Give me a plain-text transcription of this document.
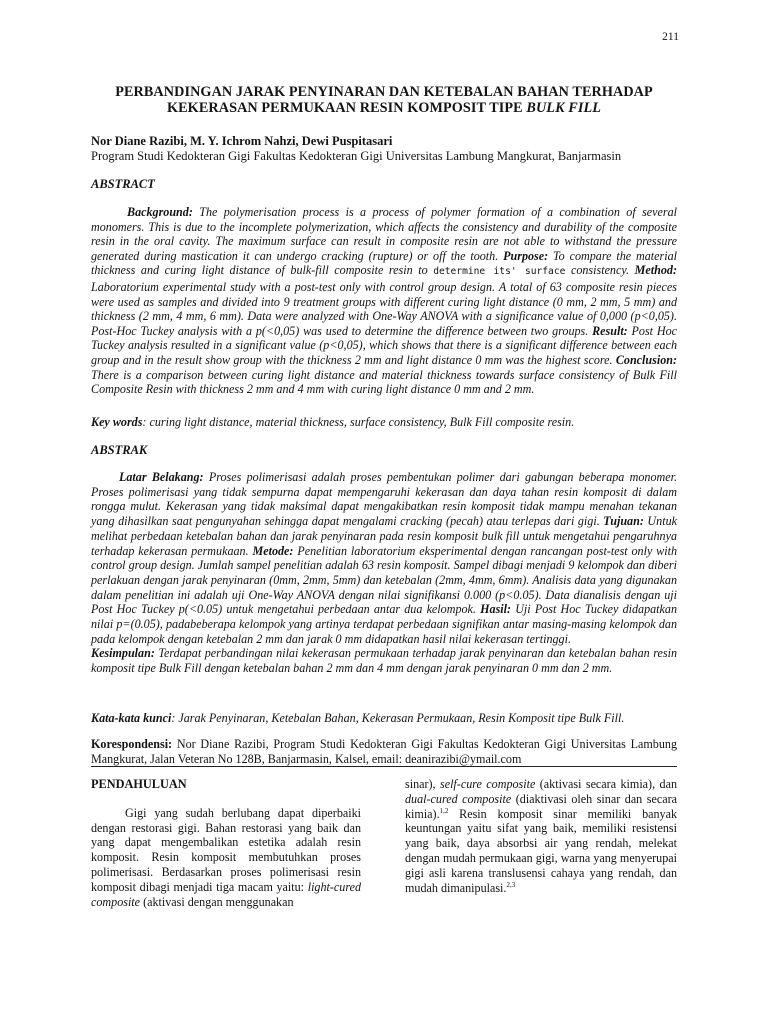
211
PERBANDINGAN JARAK PENYINARAN DAN KETEBALAN BAHAN TERHADAP
KEKERASAN PERMUKAAN RESIN KOMPOSIT TIPE BULK FILL
Nor Diane Razibi, M. Y. Ichrom Nahzi, Dewi Puspitasari
Program Studi Kedokteran Gigi Fakultas Kedokteran Gigi Universitas Lambung Mangkurat, Banjarmasin
ABSTRACT
Background: The polymerisation process is a process of polymer formation of a combination of several monomers. This is due to the incomplete polymerization, which affects the consistency and durability of the composite resin in the oral cavity. The maximum surface can result in composite resin are not able to withstand the pressure generated during mastication it can undergo cracking (rupture) or off the tooth. Purpose: To compare the material thickness and curing light distance of bulk-fill composite resin to determine its' surface consistency. Method: Laboratorium experimental study with a post-test only with control group design. A total of 63 composite resin pieces were used as samples and divided into 9 treatment groups with different curing light distance (0 mm, 2 mm, 5 mm) and thickness (2 mm, 4 mm, 6 mm). Data were analyzed with One-Way ANOVA with a significance value of 0,000 (p<0,05). Post-Hoc Tuckey analysis with a p(<0,05) was used to determine the difference between two groups. Result: Post Hoc Tuckey analysis resulted in a significant value (p<0,05), which shows that there is a significant difference between each group and in the result show group with the thickness 2 mm and light distance 0 mm was the highest score. Conclusion: There is a comparison between curing light distance and material thickness towards surface consistency of Bulk Fill Composite Resin with thickness 2 mm and 4 mm with curing light distance 0 mm and 2 mm.
Key words: curing light distance, material thickness, surface consistency, Bulk Fill composite resin.
ABSTRAK
Latar Belakang: Proses polimerisasi adalah proses pembentukan polimer dari gabungan beberapa monomer. Proses polimerisasi yang tidak sempurna dapat mempengaruhi kekerasan dan daya tahan resin komposit di dalam rongga mulut. Kekerasan yang tidak maksimal dapat mengakibatkan resin komposit tidak mampu menahan tekanan yang dihasilkan saat pengunyahan sehingga dapat mengalami cracking (pecah) atau terlepas dari gigi. Tujuan: Untuk melihat perbedaan ketebalan bahan dan jarak penyinaran pada resin komposit bulk fill untuk mengetahui pengaruhnya terhadap kekerasan permukaan. Metode: Penelitian laboratorium eksperimental dengan rancangan post-test only with control group design. Jumlah sampel penelitian adalah 63 resin komposit. Sampel dibagi menjadi 9 kelompok dan diberi perlakuan dengan jarak penyinaran (0mm, 2mm, 5mm) dan ketebalan (2mm, 4mm, 6mm). Analisis data yang digunakan dalam penelitian ini adalah uji One-Way ANOVA dengan nilai signifikansi 0.000 (p<0.05). Data dianalisis dengan uji Post Hoc Tuckey p(<0.05) untuk mengetahui perbedaan antar dua kelompok. Hasil: Uji Post Hoc Tuckey didapatkan nilai p=(0.05), padabeberapa kelompok yang artinya terdapat perbedaan signifikan antar masing-masing kelompok dan pada kelompok dengan ketebalan 2 mm dan jarak 0 mm didapatkan hasil nilai kekerasan tertinggi.
Kesimpulan: Terdapat perbandingan nilai kekerasan permukaan terhadap jarak penyinaran dan ketebalan bahan resin komposit tipe Bulk Fill dengan ketebalan bahan 2 mm dan 4 mm dengan jarak penyinaran 0 mm dan 2 mm.
Kata-kata kunci: Jarak Penyinaran, Ketebalan Bahan, Kekerasan Permukaan, Resin Komposit tipe Bulk Fill.
Korespondensi: Nor Diane Razibi, Program Studi Kedokteran Gigi Fakultas Kedokteran Gigi Universitas Lambung Mangkurat, Jalan Veteran No 128B, Banjarmasin, Kalsel, email: deanirazibi@ymail.com
PENDAHULUAN
Gigi yang sudah berlubang dapat diperbaiki dengan restorasi gigi. Bahan restorasi yang baik dan yang dapat mengembalikan estetika adalah resin komposit. Resin komposit membutuhkan proses polimerisasi. Berdasarkan proses polimerisasi resin komposit dibagi menjadi tiga macam yaitu: light-cured composite (aktivasi dengan menggunakan
sinar), self-cure composite (aktivasi secara kimia), dan dual-cured composite (diaktivasi oleh sinar dan secara kimia).$^{1,2}$ Resin komposit sinar memiliki banyak keuntungan yaitu sifat yang baik, memiliki resistensi yang baik, daya absorbsi air yang rendah, melekat dengan mudah permukaan gigi, warna yang menyerupai gigi asli karena translusensi cahaya yang rendah, dan mudah dimanipulasi.$^{2,3}$
